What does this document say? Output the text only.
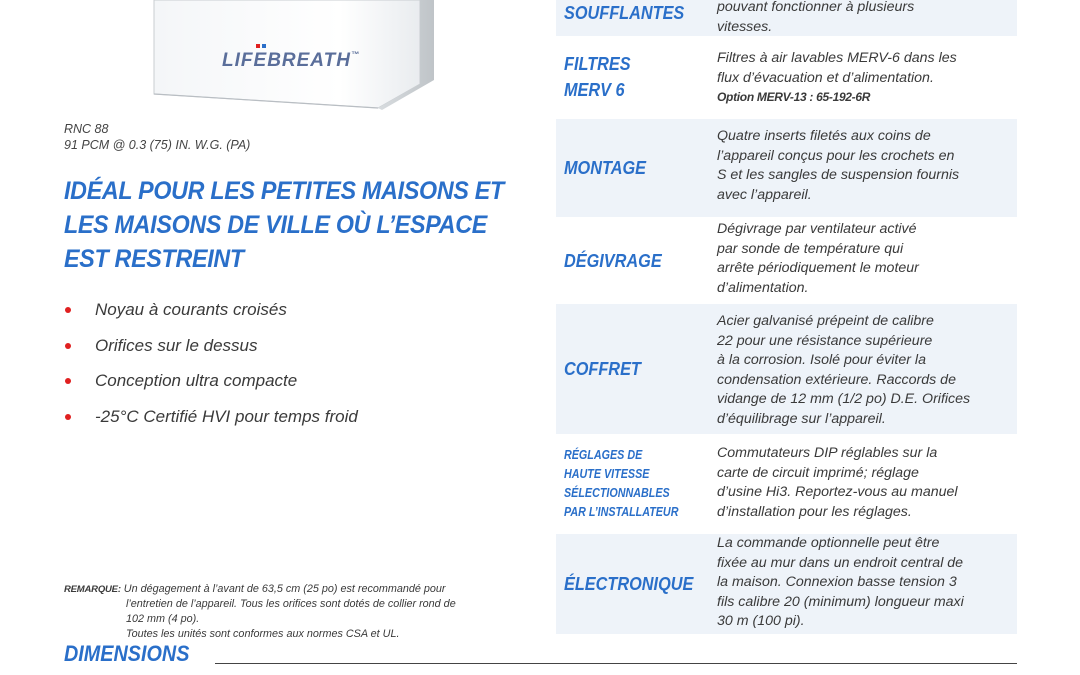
LIFE
BREATH™
RNC 88
91 PCM @ 0.3 (75) IN. W.G. (PA)
IDÉAL POUR LES PETITES MAISONS ET
LES MAISONS DE VILLE OÙ L’ESPACE
EST RESTREINT
Noyau à courants croisés
Orifices sur le dessus
Conception ultra compacte
-25°C Certifié HVI pour temps froid
REMARQUE: Un dégagement à l’avant de 63,5 cm (25 po) est recommandé pour
l’entretien de l’appareil. Tous les orifices sont dotés de collier rond de
102 mm (4 po).
Toutes les unités sont conformes aux normes CSA et UL.
DIMENSIONS
SOUFFLANTES	pouvant fonctionner à plusieurs
vitesses.
FILTRES
MERV 6
Filtres à air lavables MERV-6 dans les
flux d’évacuation et d’alimentation.
Option MERV-13 : 65-192-6R
MONTAGE
Quatre inserts filetés aux coins de
l’appareil conçus pour les crochets en
S et les sangles de suspension fournis
avec l’appareil.
DÉGIVRAGE
Dégivrage par ventilateur activé
par sonde de température qui
arrête périodiquement le moteur
d’alimentation.
COFFRET
Acier galvanisé prépeint de calibre
22 pour une résistance supérieure
à la corrosion. Isolé pour éviter la
condensation extérieure. Raccords de
vidange de 12 mm (1/2 po) D.E. Orifices
d’équilibrage sur l’appareil.
RÉGLAGES DE
HAUTE VITESSE
SÉLECTIONNABLES
PAR L’INSTALLATEUR
Commutateurs DIP réglables sur la
carte de circuit imprimé; réglage
d’usine Hi3. Reportez-vous au manuel
d’installation pour les réglages.
ÉLECTRONIQUE
La commande optionnelle peut être
fixée au mur dans un endroit central de
la maison. Connexion basse tension 3
fils calibre 20 (minimum) longueur maxi
30 m (100 pi).
